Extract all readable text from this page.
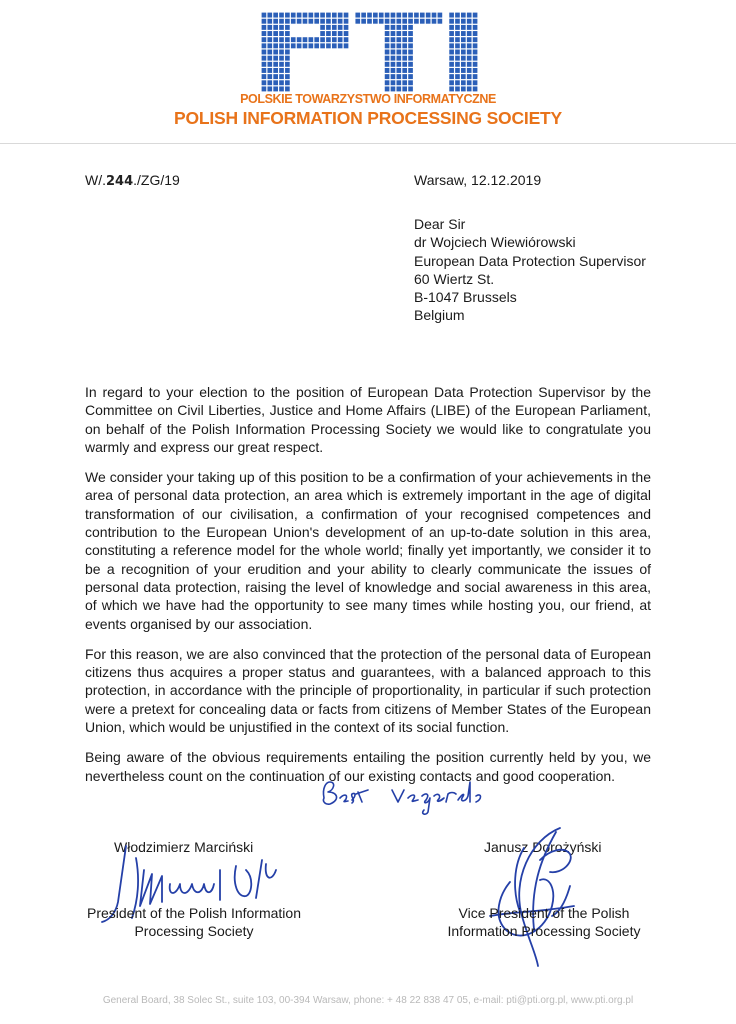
POLSKIE TOWARZYSTWO INFORMATYCZNE
POLISH INFORMATION PROCESSING SOCIETY
W/.244./ZG/19	Warsaw, 12.12.2019
Dear Sir
dr Wojciech Wiewiórowski
European Data Protection Supervisor
60 Wiertz St.
B-1047 Brussels
Belgium

In regard to your election to the position of European Data Protection Supervisor by the Committee on Civil Liberties, Justice and Home Affairs (LIBE) of the European Parliament, on behalf of the Polish Information Processing Society we would like to congratulate you warmly and express our great respect.

We consider your taking up of this position to be a confirmation of your achievements in the area of personal data protection, an area which is extremely important in the age of digital transformation of our civilisation, a confirmation of your recognised competences and contribution to the European Union's development of an up-to-date solution in this area, constituting a reference model for the whole world; finally yet importantly, we consider it to be a recognition of your erudition and your ability to clearly communicate the issues of personal data protection, raising the level of knowledge and social awareness in this area, of which we have had the opportunity to see many times while hosting you, our friend, at events organised by our association.

For this reason, we are also convinced that the protection of the personal data of European citizens thus acquires a proper status and guarantees, with a balanced approach to this protection, in accordance with the principle of proportionality, in particular if such protection were a pretext for concealing data or facts from citizens of Member States of the European Union, which would be unjustified in the context of its social function.

Being aware of the obvious requirements entailing the position currently held by you, we nevertheless count on the continuation of our existing contacts and good cooperation.

Włodzimierz Marciński	Janusz Dorożyński
President of the Polish Information
Processing Society
Vice President of the Polish
Information Processing Society
General Board, 38 Solec St., suite 103, 00-394 Warsaw, phone: + 48 22 838 47 05, e-mail: pti@pti.org.pl, www.pti.org.pl
